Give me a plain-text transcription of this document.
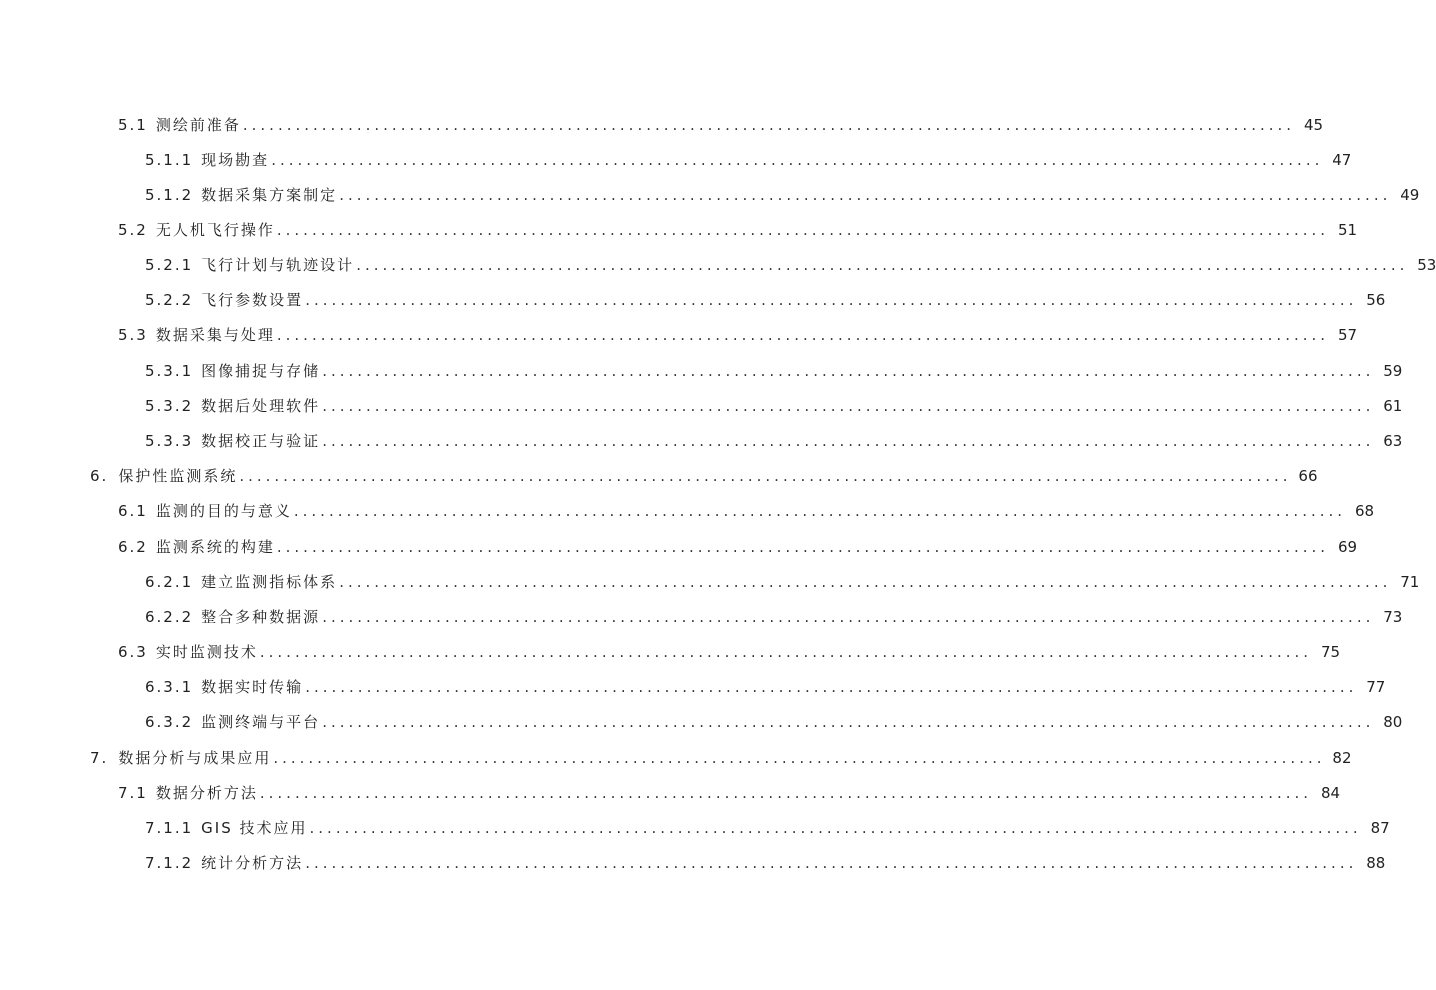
5.1 测绘前准备 ........................................................................................................................ 45
5.1.1 现场勘查 ........................................................................................................................ 47
5.1.2 数据采集方案制定 ........................................................................................................................ 49
5.2 无人机飞行操作 ........................................................................................................................ 51
5.2.1 飞行计划与轨迹设计 ........................................................................................................................ 53
5.2.2 飞行参数设置 ........................................................................................................................ 56
5.3 数据采集与处理 ........................................................................................................................ 57
5.3.1 图像捕捉与存储 ........................................................................................................................ 59
5.3.2 数据后处理软件 ........................................................................................................................ 61
5.3.3 数据校正与验证 ........................................................................................................................ 63
6. 保护性监测系统 ........................................................................................................................ 66
6.1 监测的目的与意义 ........................................................................................................................ 68
6.2 监测系统的构建 ........................................................................................................................ 69
6.2.1 建立监测指标体系 ........................................................................................................................ 71
6.2.2 整合多种数据源 ........................................................................................................................ 73
6.3 实时监测技术 ........................................................................................................................ 75
6.3.1 数据实时传输 ........................................................................................................................ 77
6.3.2 监测终端与平台 ........................................................................................................................ 80
7. 数据分析与成果应用 ........................................................................................................................ 82
7.1 数据分析方法 ........................................................................................................................ 84
7.1.1 GIS 技术应用 ........................................................................................................................ 87
7.1.2 统计分析方法 ........................................................................................................................ 88
